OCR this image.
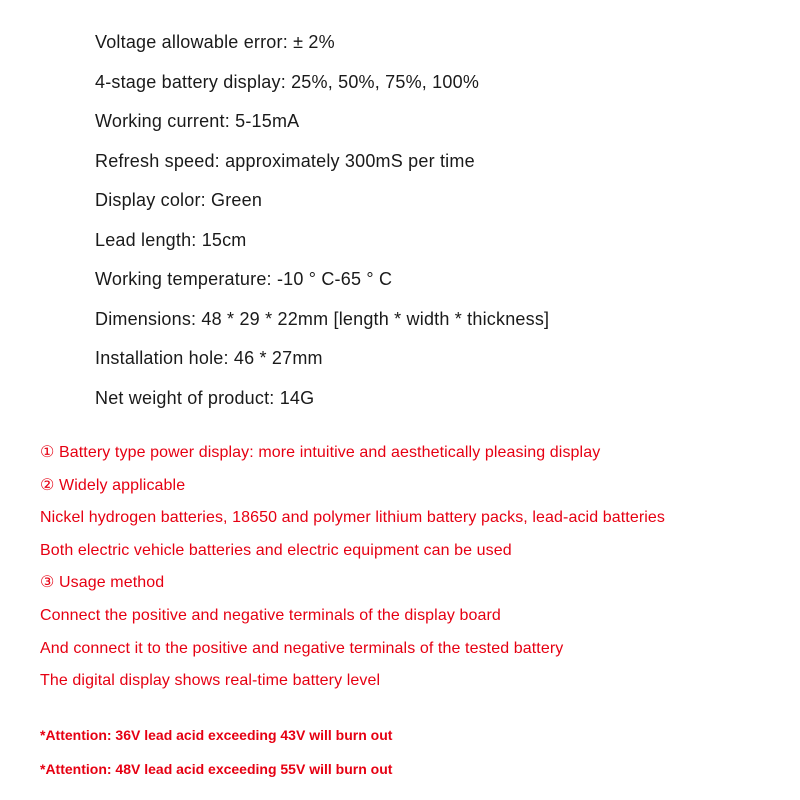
Voltage allowable error: ± 2%

4-stage battery display: 25%, 50%, 75%, 100%

Working current: 5-15mA

Refresh speed: approximately 300mS per time

Display color: Green

Lead length: 15cm

Working temperature: -10 ° C-65 ° C

Dimensions: 48 * 29 * 22mm [length * width * thickness]

Installation hole: 46 * 27mm

Net weight of product: 14G

① Battery type power display: more intuitive and aesthetically pleasing display

② Widely applicable

Nickel hydrogen batteries, 18650 and polymer lithium battery packs, lead-acid batteries

Both electric vehicle batteries and electric equipment can be used

③ Usage method

Connect the positive and negative terminals of the display board

And connect it to the positive and negative terminals of the tested battery

The digital display shows real-time battery level

*Attention: 36V lead acid exceeding 43V will burn out

*Attention: 48V lead acid exceeding 55V will burn out
